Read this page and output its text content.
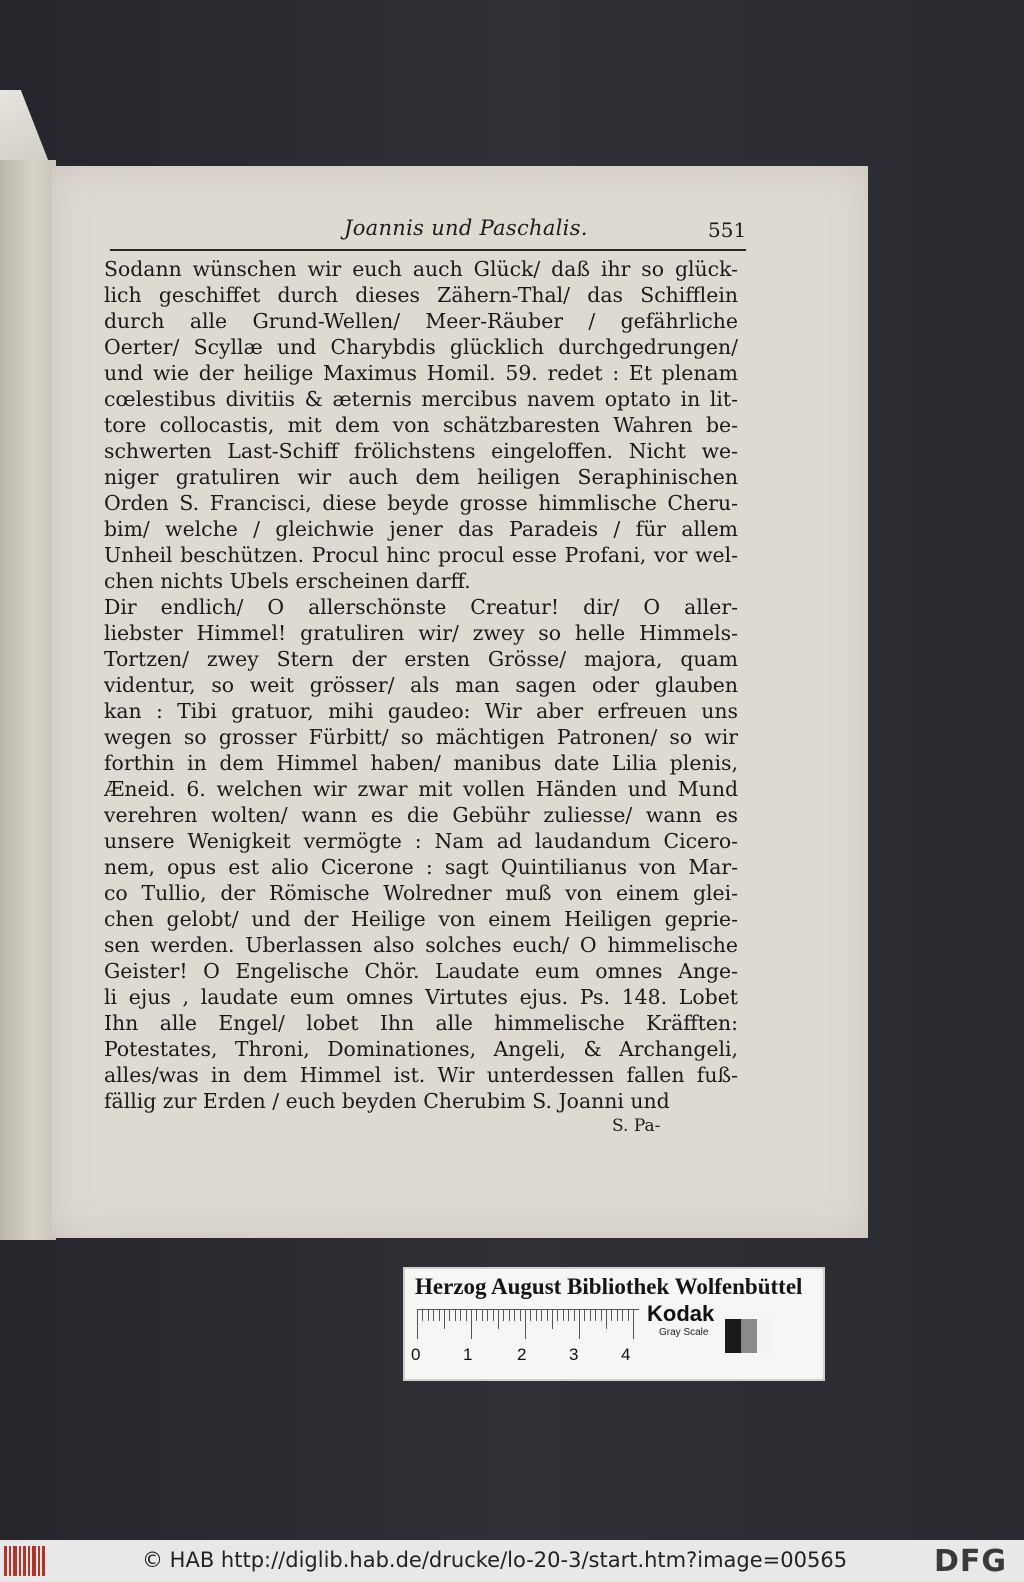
Joannis und Paschalis.	551
Sodann wünschen wir euch auch Glück/ daß ihr so glück-
lich geschiffet durch dieses Zähern-Thal/ das Schifflein
durch alle Grund-Wellen/ Meer-Räuber / gefährliche
Oerter/ Scyllæ und Charybdis glücklich durchgedrungen/
und wie der heilige Maximus Homil. 59. redet : Et plenam
cœlestibus divitiis & æternis mercibus navem optato in lit-
tore collocastis, mit dem von schätzbaresten Wahren be-
schwerten Last-Schiff frölichstens eingeloffen. Nicht we-
niger gratuliren wir auch dem heiligen Seraphinischen
Orden S. Francisci, diese beyde grosse himmlische Cheru-
bim/ welche / gleichwie jener das Paradeis / für allem
Unheil beschützen. Procul hinc procul esse Profani, vor wel-
chen nichts Ubels erscheinen darff.
Dir endlich/ O allerschönste Creatur! dir/ O aller-
liebster Himmel! gratuliren wir/ zwey so helle Himmels-
Tortzen/ zwey Stern der ersten Grösse/ majora, quam
videntur, so weit grösser/ als man sagen oder glauben
kan : Tibi gratuor, mihi gaudeo: Wir aber erfreuen uns
wegen so grosser Fürbitt/ so mächtigen Patronen/ so wir
forthin in dem Himmel haben/ manibus date Lilia plenis,
Æneid. 6. welchen wir zwar mit vollen Händen und Mund
verehren wolten/ wann es die Gebühr zuliesse/ wann es
unsere Wenigkeit vermögte : Nam ad laudandum Cicero-
nem, opus est alio Cicerone : sagt Quintilianus von Mar-
co Tullio, der Römische Wolredner muß von einem glei-
chen gelobt/ und der Heilige von einem Heiligen geprie-
sen werden. Uberlassen also solches euch/ O himmelische
Geister! O Engelische Chör. Laudate eum omnes Ange-
li ejus , laudate eum omnes Virtutes ejus. Ps. 148. Lobet
Ihn alle Engel/ lobet Ihn alle himmelische Kräfften:
Potestates, Throni, Dominationes, Angeli, & Archangeli,
alles/was in dem Himmel ist. Wir unterdessen fallen fuß-
fällig zur Erden / euch beyden Cherubim S. Joanni und
S. Pa-
Herzog August Bibliothek Wolfenbüttel
0	1	2	3	4
Kodak
Gray Scale
© HAB http://diglib.hab.de/drucke/lo-20-3/start.htm?image=00565	DFG
